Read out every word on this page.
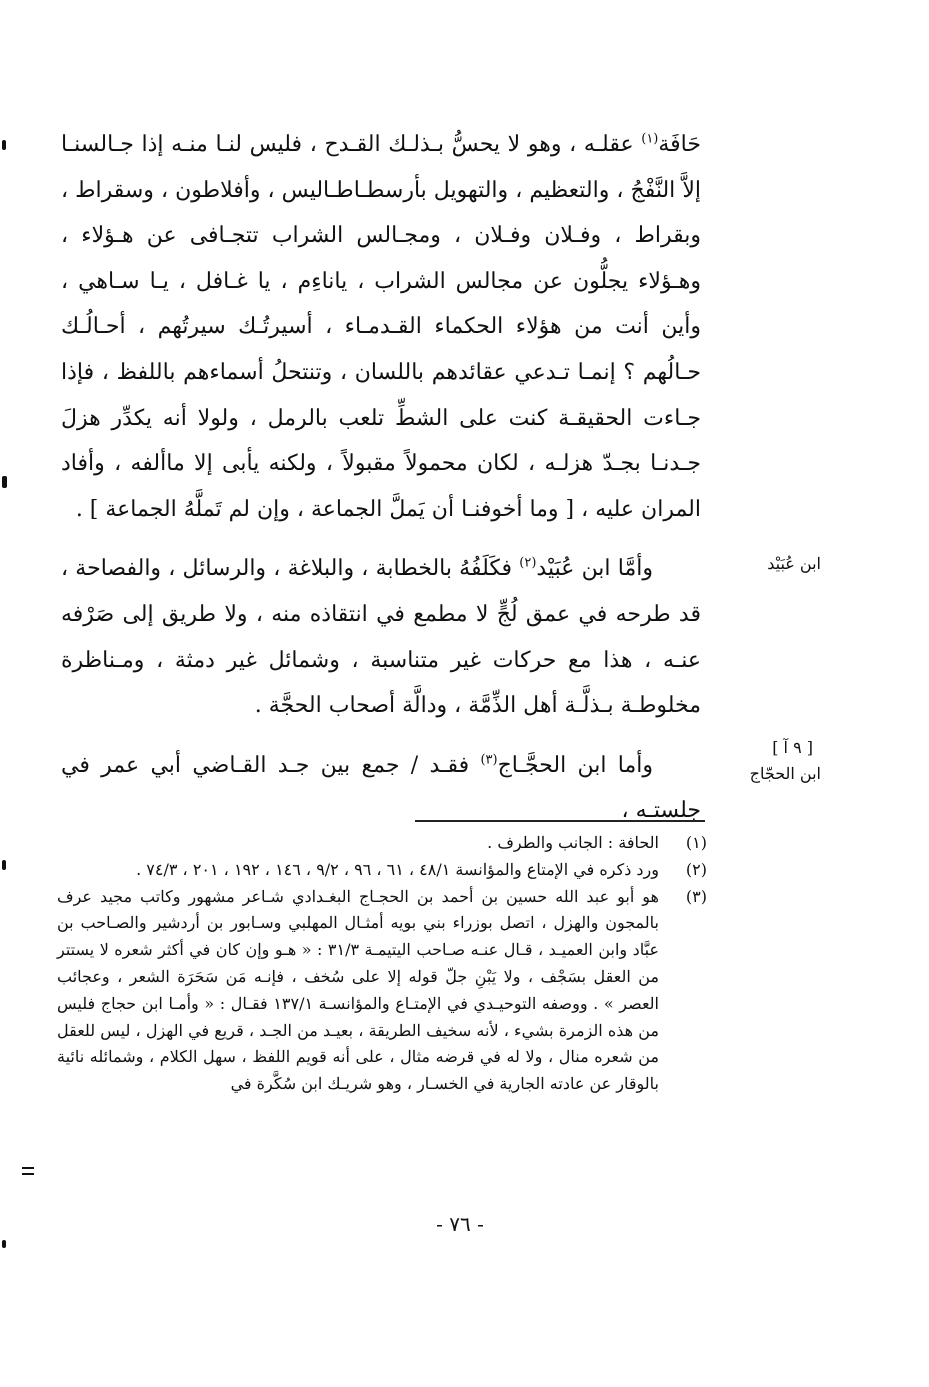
حَافَة$^{(١)}$ عقلـه ، وهو لا يحسُّ بـذلـك القـدح ، فليس لنـا منـه إذا جـالسنـا إلاَّ النَّفْجُ ، والتعظيم ، والتهويل بأرسطـاطـاليس ، وأفلاطون ، وسقراط ، وبقراط ، وفـلان وفـلان ، ومجـالس الشراب تتجـافى عن هـؤلاء ، وهـؤلاء يجلُّون عن مجالس الشراب ، ياناءِم ، يا غـافل ، يـا سـاهي ، وأين أنت من هؤلاء الحكماء القـدمـاء ، أسيرتُـك سيرتُهم ، أحـالُـك حـالُهم ؟ إنمـا تـدعي عقائدهم باللسان ، وتنتحلُ أسماءهم باللفظ ، فإذا جـاءت الحقيقـة كنت على الشطِّ تلعب بالرمل ، ولولا أنه يكدِّر هزلَ جـدنـا بجـدّ هزلـه ، لكان محمولاً مقبولاً ، ولكنه يأبى إلا ماألفه ، وأفاد المران عليه ، [ وما أخوفنـا أن يَملَّ الجماعة ، وإن لم تَملَّهُ الجماعة ] .

وأمَّا ابن عُبَيْد$^{(٢)}$ فكَلَفُهُ بالخطابة ، والبلاغة ، والرسائل ، والفصاحة ، قد طرحه في عمق لُجٍّ لا مطمع في انتقاذه منه ، ولا طريق إلى صَرْفه عنـه ، هذا مع حركات غير متناسبة ، وشمائل غير دمثة ، ومـناظرة مخلوطـة بـذلَّـة أهل الذِّمَّة ، ودالَّة أصحاب الحجَّة .

وأما ابن الحجَّـاج$^{(٣)}$ فقـد / جمع بين جـد القـاضي أبي عمر في جلستـه ،

ابن عُبَيْد
[ ٩ آ ]
ابن الحجّاج
(١)
الحافة : الجانب والطرف .
(٢)
ورد ذكره في الإمتاع والمؤانسة ٤٨/١ ، ٦١ ، ٩٦ ، ٩/٢ ، ١٤٦ ، ١٩٢ ، ٢٠١ ، ٧٤/٣ .
(٣)
هو أبو عبد الله حسين بن أحمد بن الحجـاج البغـدادي شـاعر مشهور وكاتب مجيد عرف بالمجون والهزل ، اتصل بوزراء بني بويه أمثـال المهلبي وسـابور بن أردشير والصـاحب بن عبَّاد وابن العميـد ، قـال عنـه صـاحب اليتيمـة ٣١/٣ : « هـو وإن كان في أكثر شعره لا يستتر من العقل بسَجْف ، ولا يَبْنِ جلّ قوله إلا على سُخف ، فإنـه مَن سَحَرَة الشعر ، وعجائب العصر » . ووصفه التوحيـدي في الإمتـاع والمؤانسـة ١٣٧/١ فقـال : « وأمـا ابن حجاج فليس من هذه الزمرة بشيء ، لأنه سخيف الطريقة ، بعيـد من الجـد ، قريع في الهزل ، ليس للعقل من شعره منال ، ولا له في قرضه مثال ، على أنه قويم اللفظ ، سهل الكلام ، وشمائله نائية بالوقار عن عادته الجارية في الخسـار ، وهو شريـك ابن سُكَّرة في
- ٧٦ -
